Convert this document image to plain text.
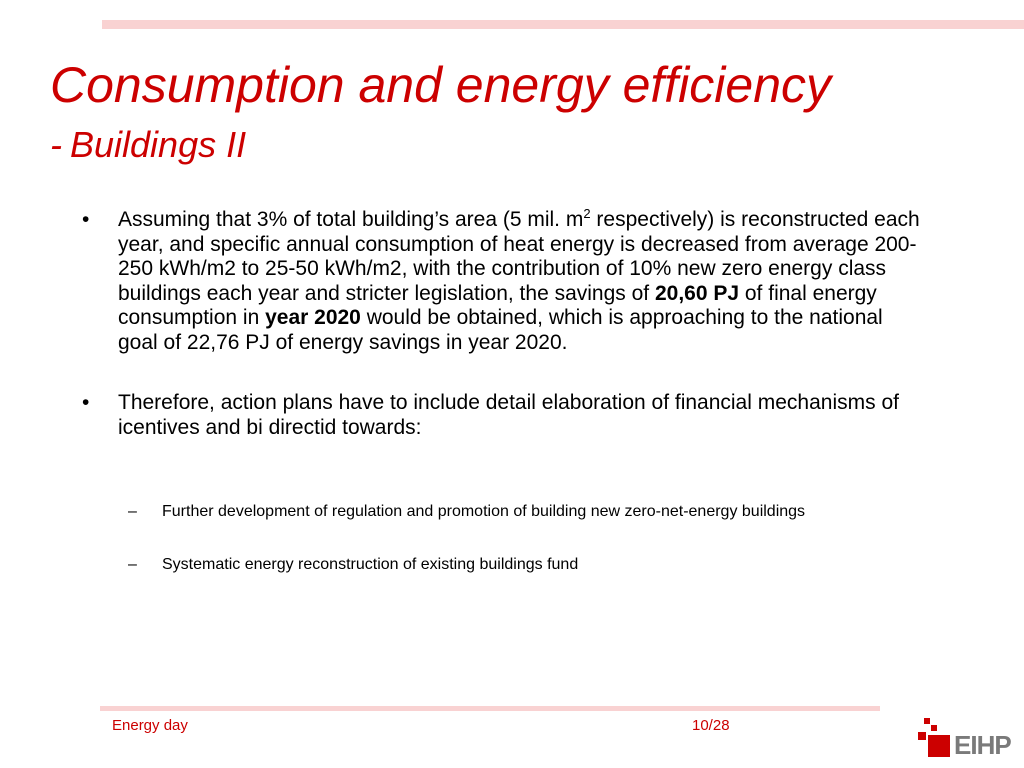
Consumption and energy efficiency
- Buildings II

• Assuming that 3% of total building’s area (5 mil. $m^2$ respectively) is reconstructed each year, and specific annual consumption of heat energy is decreased from average 200-250 kWh/m2 to 25-50 kWh/m2, with the contribution of 10% new zero energy class buildings each year and stricter legislation, the savings of 20,60 PJ of final energy consumption in year 2020 would be obtained, which is approaching to the national goal of 22,76 PJ of energy savings in year 2020.

• Therefore, action plans have to include detail elaboration of financial mechanisms of icentives and bi directid towards:

– Further development of regulation and promotion of building new zero-net-energy buildings

– Systematic energy reconstruction of existing buildings fund

Energy day	10/28
EIHP
